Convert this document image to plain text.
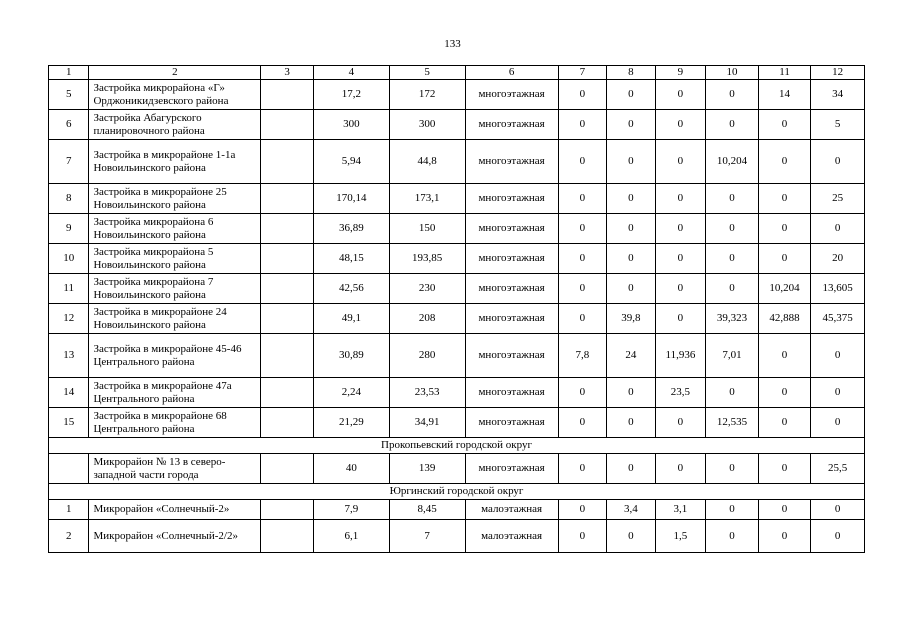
133
1	2	3	4	5	6	7	8	9	10	11	12
5	Застройка микрорайона «Г» Орджоникидзевского района		17,2	172	многоэтажная	0	0	0	0	14	34
6	Застройка Абагурского планировочного района		300	300	многоэтажная	0	0	0	0	0	5
7	Застройка в микрорайоне 1-1а Новоильинского района		5,94	44,8	многоэтажная	0	0	0	10,204	0	0
8	Застройка в микрорайоне 25 Новоильинского района		170,14	173,1	многоэтажная	0	0	0	0	0	25
9	Застройка микрорайона 6 Новоильинского района		36,89	150	многоэтажная	0	0	0	0	0	0
10	Застройка микрорайона 5 Новоильинского района		48,15	193,85	многоэтажная	0	0	0	0	0	20
11	Застройка микрорайона 7 Новоильинского района		42,56	230	многоэтажная	0	0	0	0	10,204	13,605
12	Застройка в микрорайоне 24 Новоильинского района		49,1	208	многоэтажная	0	39,8	0	39,323	42,888	45,375
13	Застройка в микрорайоне 45-46 Центрального района		30,89	280	многоэтажная	7,8	24	11,936	7,01	0	0
14	Застройка в микрорайоне 47а Центрального района		2,24	23,53	многоэтажная	0	0	23,5	0	0	0
15	Застройка в микрорайоне 68 Центрального района		21,29	34,91	многоэтажная	0	0	0	12,535	0	0
Прокопьевский городской округ											
	Микрорайон № 13 в северо-западной части города		40	139	многоэтажная	0	0	0	0	0	25,5
Юргинский городской округ											
1	Микрорайон «Солнечный-2»		7,9	8,45	малоэтажная	0	3,4	3,1	0	0	0
2	Микрорайон «Солнечный-2/2»		6,1	7	малоэтажная	0	0	1,5	0	0	0
